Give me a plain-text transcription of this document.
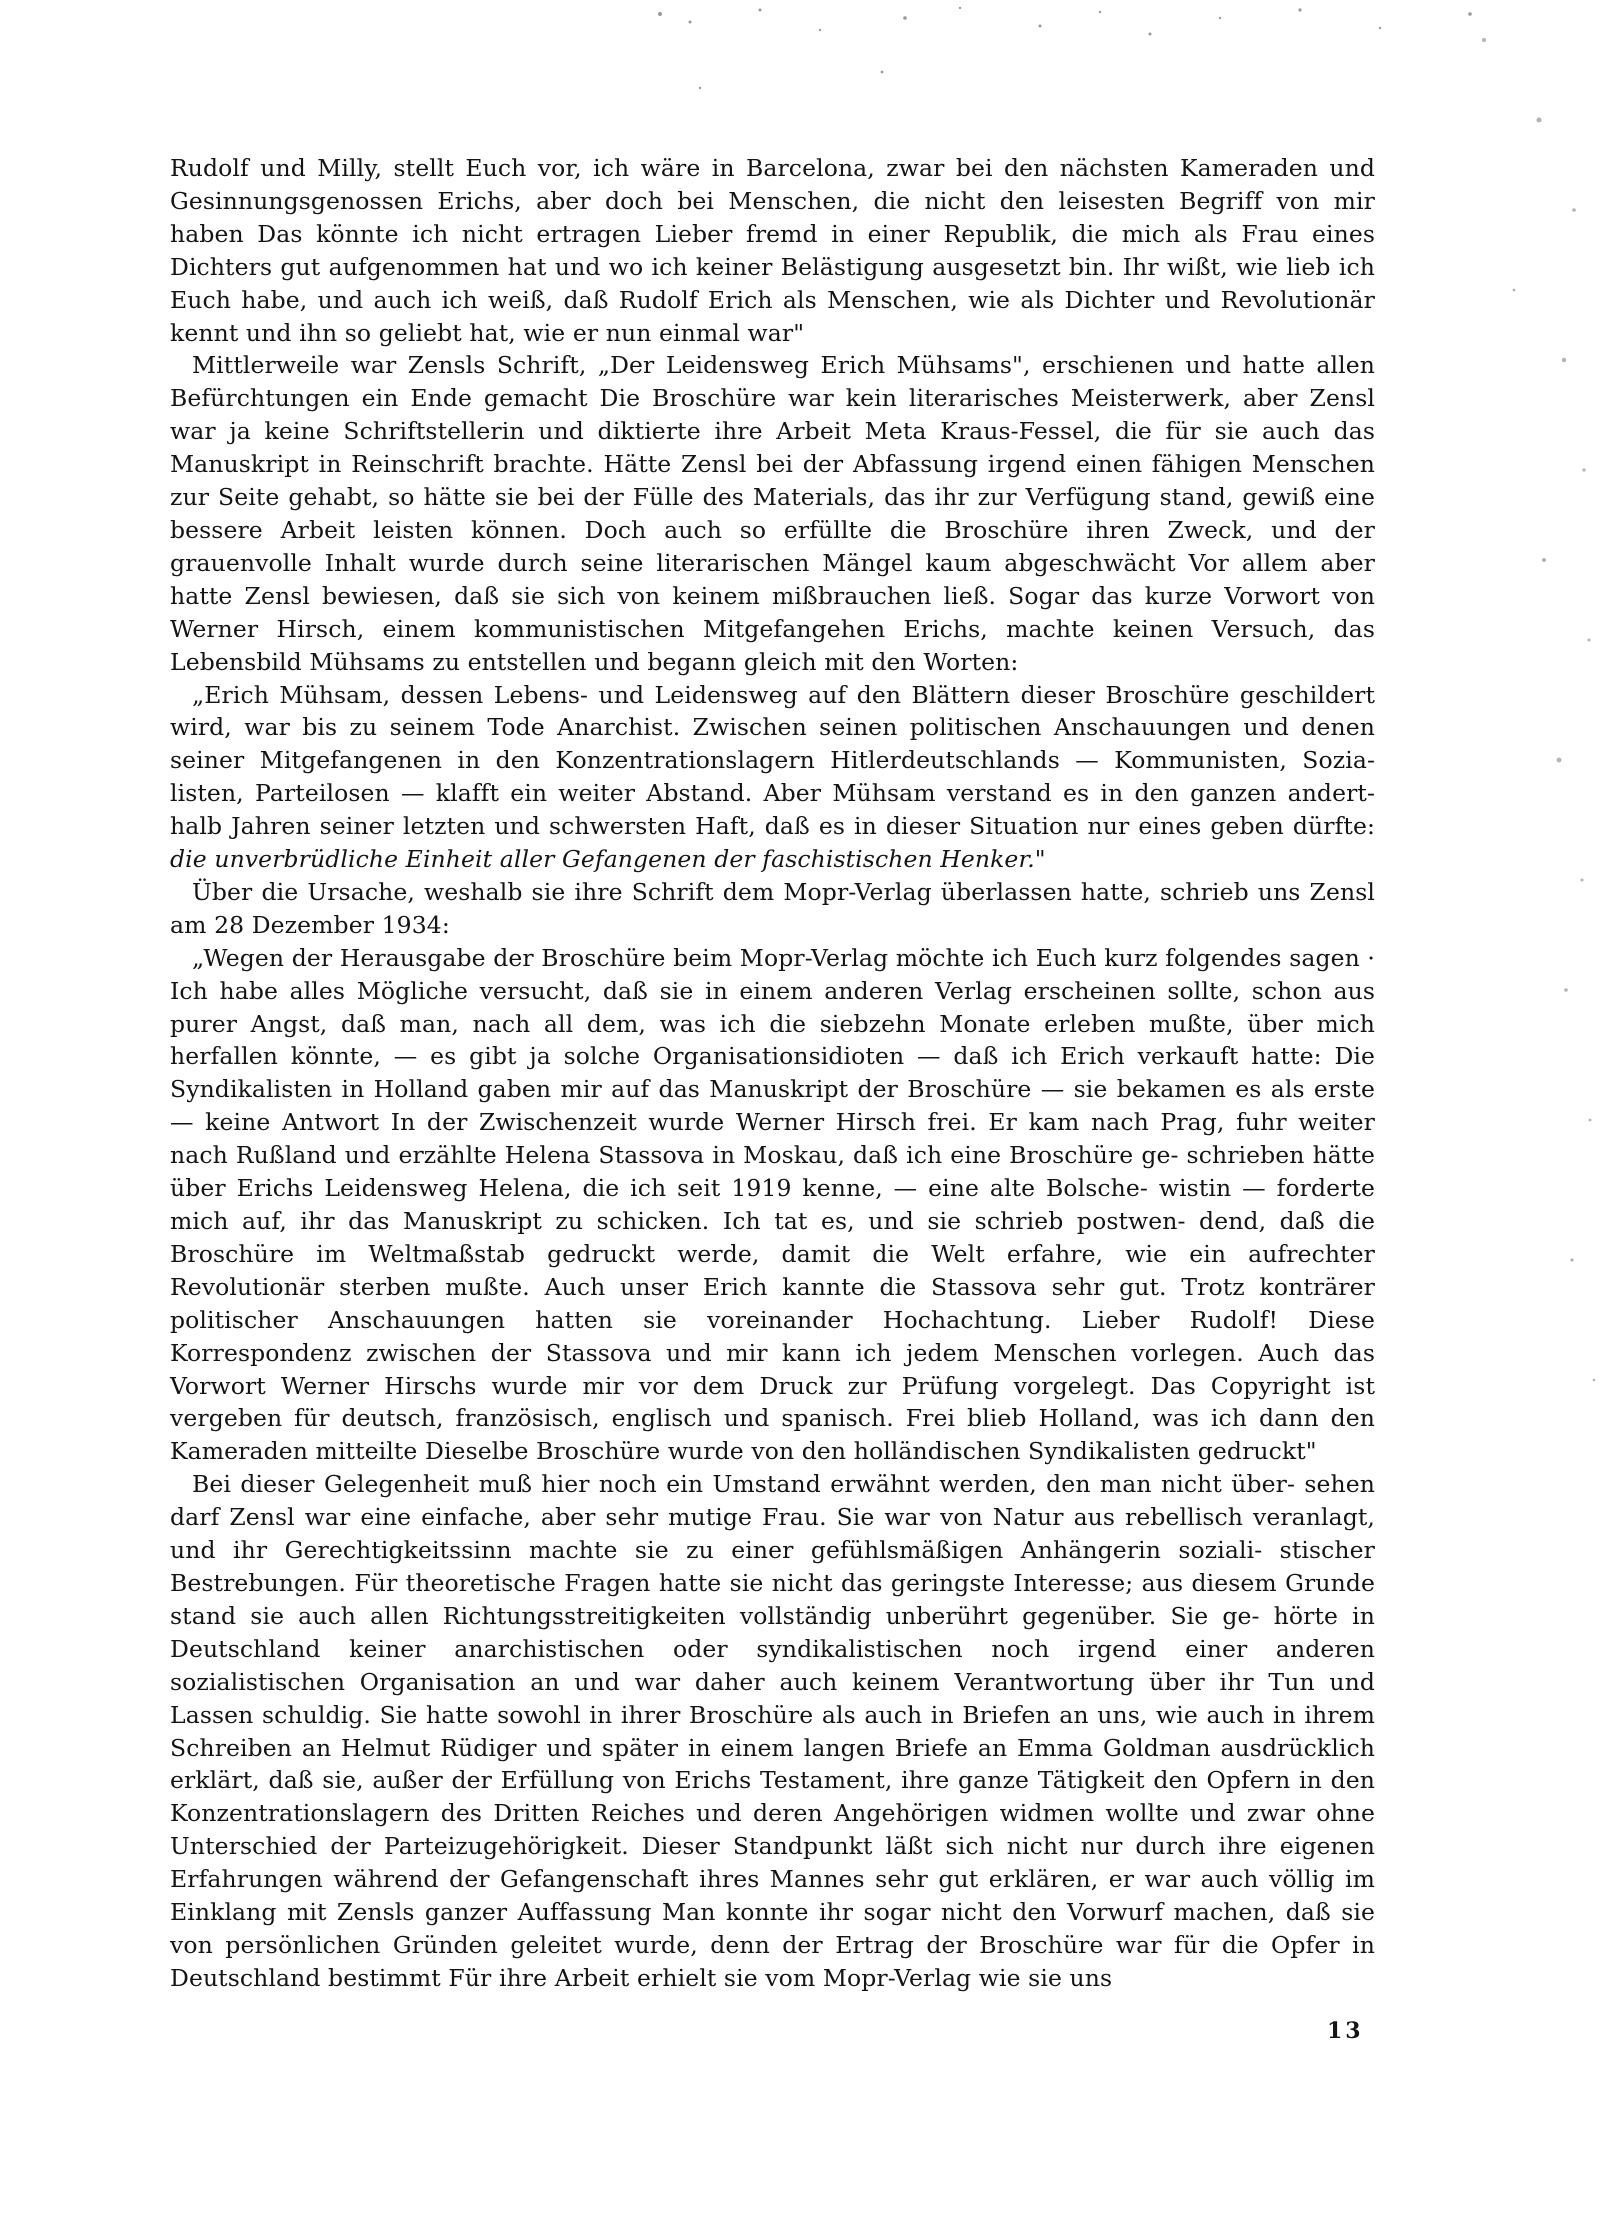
Rudolf und Milly, stellt Euch vor, ich wäre in Barcelona, zwar bei den nächsten Kameraden und Gesinnungsgenossen Erichs, aber doch bei Menschen, die nicht den leisesten Begriff von mir haben Das könnte ich nicht ertragen Lieber fremd in einer Republik, die mich als Frau eines Dichters gut aufgenommen hat und wo ich keiner Belästigung ausgesetzt bin. Ihr wißt, wie lieb ich Euch habe, und auch ich weiß, daß Rudolf Erich als Menschen, wie als Dichter und Revolutionär kennt und ihn so geliebt hat, wie er nun einmal war"

Mittlerweile war Zensls Schrift, „Der Leidensweg Erich Mühsams", erschienen und hatte allen Befürchtungen ein Ende gemacht Die Broschüre war kein literarisches Meisterwerk, aber Zensl war ja keine Schriftstellerin und diktierte ihre Arbeit Meta Kraus-Fessel, die für sie auch das Manuskript in Reinschrift brachte. Hätte Zensl bei der Abfassung irgend einen fähigen Menschen zur Seite gehabt, so hätte sie bei der Fülle des Materials, das ihr zur Verfügung stand, gewiß eine bessere Arbeit leisten können. Doch auch so erfüllte die Broschüre ihren Zweck, und der grauenvolle Inhalt wurde durch seine literarischen Mängel kaum abgeschwächt Vor allem aber hatte Zensl bewiesen, daß sie sich von keinem mißbrauchen ließ. Sogar das kurze Vorwort von Werner Hirsch, einem kommunistischen Mitgefangehen Erichs, machte keinen Versuch, das Lebensbild Mühsams zu entstellen und begann gleich mit den Worten:

„Erich Mühsam, dessen Lebens- und Leidensweg auf den Blättern dieser Broschüre geschildert wird, war bis zu seinem Tode Anarchist. Zwischen seinen politischen Anschauungen und denen seiner Mitgefangenen in den Konzentrationslagern Hitlerdeutschlands — Kommunisten, Sozia- listen, Parteilosen — klafft ein weiter Abstand. Aber Mühsam verstand es in den ganzen andert- halb Jahren seiner letzten und schwersten Haft, daß es in dieser Situation nur eines geben dürfte: die unverbrüdliche Einheit aller Gefangenen der faschistischen Henker."

Über die Ursache, weshalb sie ihre Schrift dem Mopr-Verlag überlassen hatte, schrieb uns Zensl am 28 Dezember 1934:

„Wegen der Herausgabe der Broschüre beim Mopr-Verlag möchte ich Euch kurz folgendes sagen · Ich habe alles Mögliche versucht, daß sie in einem anderen Verlag erscheinen sollte, schon aus purer Angst, daß man, nach all dem, was ich die siebzehn Monate erleben mußte, über mich herfallen könnte, — es gibt ja solche Organisationsidioten — daß ich Erich verkauft hatte: Die Syndikalisten in Holland gaben mir auf das Manuskript der Broschüre — sie bekamen es als erste — keine Antwort In der Zwischenzeit wurde Werner Hirsch frei. Er kam nach Prag, fuhr weiter nach Rußland und erzählte Helena Stassova in Moskau, daß ich eine Broschüre ge- schrieben hätte über Erichs Leidensweg Helena, die ich seit 1919 kenne, — eine alte Bolsche- wistin — forderte mich auf, ihr das Manuskript zu schicken. Ich tat es, und sie schrieb postwen- dend, daß die Broschüre im Weltmaßstab gedruckt werde, damit die Welt erfahre, wie ein aufrechter Revolutionär sterben mußte. Auch unser Erich kannte die Stassova sehr gut. Trotz konträrer politischer Anschauungen hatten sie voreinander Hochachtung. Lieber Rudolf! Diese Korrespondenz zwischen der Stassova und mir kann ich jedem Menschen vorlegen. Auch das Vorwort Werner Hirschs wurde mir vor dem Druck zur Prüfung vorgelegt. Das Copyright ist vergeben für deutsch, französisch, englisch und spanisch. Frei blieb Holland, was ich dann den Kameraden mitteilte Dieselbe Broschüre wurde von den holländischen Syndikalisten gedruckt"

Bei dieser Gelegenheit muß hier noch ein Umstand erwähnt werden, den man nicht über- sehen darf Zensl war eine einfache, aber sehr mutige Frau. Sie war von Natur aus rebellisch veranlagt, und ihr Gerechtigkeitssinn machte sie zu einer gefühlsmäßigen Anhängerin soziali- stischer Bestrebungen. Für theoretische Fragen hatte sie nicht das geringste Interesse; aus diesem Grunde stand sie auch allen Richtungsstreitigkeiten vollständig unberührt gegenüber. Sie ge- hörte in Deutschland keiner anarchistischen oder syndikalistischen noch irgend einer anderen sozialistischen Organisation an und war daher auch keinem Verantwortung über ihr Tun und Lassen schuldig. Sie hatte sowohl in ihrer Broschüre als auch in Briefen an uns, wie auch in ihrem Schreiben an Helmut Rüdiger und später in einem langen Briefe an Emma Goldman ausdrücklich erklärt, daß sie, außer der Erfüllung von Erichs Testament, ihre ganze Tätigkeit den Opfern in den Konzentrationslagern des Dritten Reiches und deren Angehörigen widmen wollte und zwar ohne Unterschied der Parteizugehörigkeit. Dieser Standpunkt läßt sich nicht nur durch ihre eigenen Erfahrungen während der Gefangenschaft ihres Mannes sehr gut erklären, er war auch völlig im Einklang mit Zensls ganzer Auffassung Man konnte ihr sogar nicht den Vorwurf machen, daß sie von persönlichen Gründen geleitet wurde, denn der Ertrag der Broschüre war für die Opfer in Deutschland bestimmt Für ihre Arbeit erhielt sie vom Mopr-Verlag wie sie uns

13
